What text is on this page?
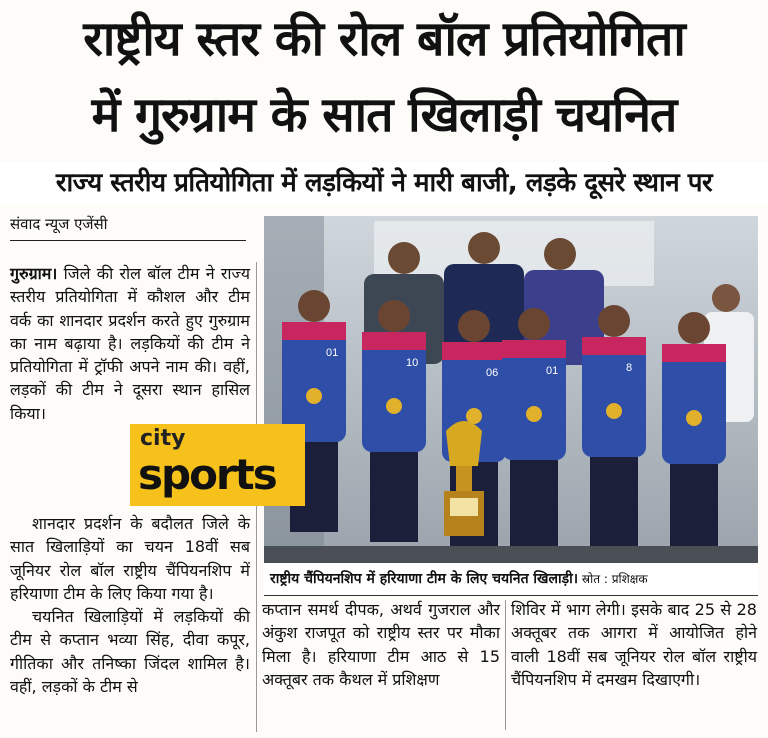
राष्ट्रीय स्तर की रोल बॉल प्रतियोगिता
में गुरुग्राम के सात खिलाड़ी चयनित
राज्य स्तरीय प्रतियोगिता में लड़कियों ने मारी बाजी, लड़के दूसरे स्थान पर
संवाद न्यूज एजेंसी
गुरुग्राम। जिले की रोल बॉल टीम ने राज्य स्तरीय प्रतियोगिता में कौशल और टीम वर्क का शानदार प्रदर्शन करते हुए गुरुग्राम का नाम बढ़ाया है। लड़कियों की टीम ने प्रतियोगिता में ट्रॉफी अपने नाम की। वहीं, लड़कों की टीम ने दूसरा स्थान हासिल किया।
शानदार प्रदर्शन के बदौलत जिले के सात खिलाड़ियों का चयन 18वीं सब जूनियर रोल बॉल राष्ट्रीय चैंपियनशिप में हरियाणा टीम के लिए किया गया है।
चयनित खिलाड़ियों में लड़कियों की टीम से कप्तान भव्या सिंह, दीवा कपूर, गीतिका और तनिष्का जिंदल शामिल है। वहीं, लड़कों के टीम से
कप्तान समर्थ दीपक, अथर्व गुजराल और अंकुश राजपूत को राष्ट्रीय स्तर पर मौका मिला है। हरियाणा टीम आठ से 15 अक्तूबर तक कैथल में प्रशिक्षण
शिविर में भाग लेगी। इसके बाद 25 से 28 अक्तूबर तक आगरा में आयोजित होने वाली 18वीं सब जूनियर रोल बॉल राष्ट्रीय चैंपियनशिप में दमखम दिखाएगी।
01
10
06	01	8
राष्ट्रीय चैंपियनशिप में हरियाणा टीम के लिए चयनित खिलाड़ी। स्रोत : प्रशिक्षक
city
sports
